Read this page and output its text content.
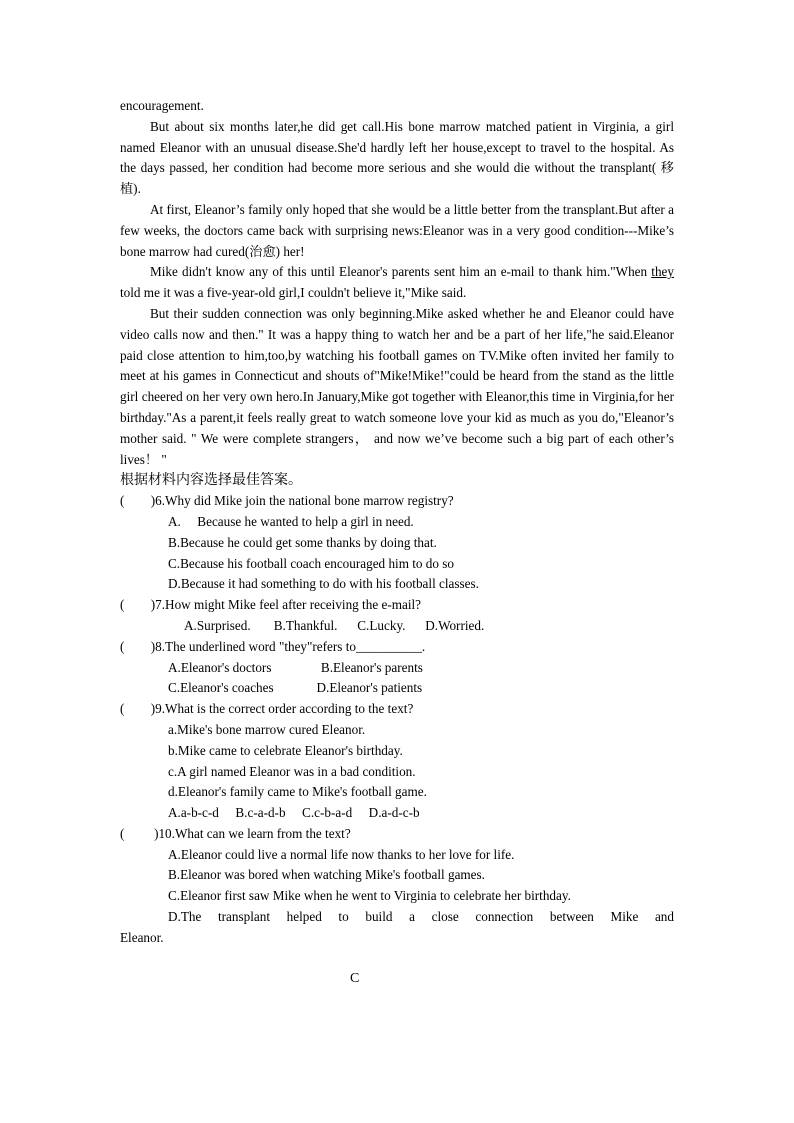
encouragement.

But about six months later,he did get call.His bone marrow matched patient in Virginia, a girl named Eleanor with an unusual disease.She'd hardly left her house,except to travel to the hospital. As the days passed, her condition had become more serious and she would die without the transplant( 移植).

At first, Eleanor’s family only hoped that she would be a little better from the transplant.But after a few weeks, the doctors came back with surprising news:Eleanor was in a very good condition---Mike’s bone marrow had cured(治愈) her!

Mike didn't know any of this until Eleanor's parents sent him an e-mail to thank him."When they told me it was a five-year-old girl,I couldn't believe it,"Mike said.

But their sudden connection was only beginning.Mike asked whether he and Eleanor could have video calls now and then." It was a happy thing to watch her and be a part of her life,"he said.Eleanor paid close attention to him,too,by watching his football games on TV.Mike often invited her family to meet at his games in Connecticut and shouts of"Mike!Mike!"could be heard from the stand as the little girl cheered on her very own hero.In January,Mike got together with Eleanor,this time in Virginia,for her birthday."As a parent,it feels really great to watch someone love your kid as much as you do,"Eleanor’s mother said. " We were complete strangers， and now we’ve become such a big part of each other’s lives！ "

根据材料内容选择最佳答案。

(        )6.Why did Mike join the national bone marrow registry?

A.     Because he wanted to help a girl in need.

B.Because he could get some thanks by doing that.

C.Because his football coach encouraged him to do so

D.Because it had something to do with his football classes.

(        )7.How might Mike feel after receiving the e-mail?

A.Surprised.       B.Thankful.      C.Lucky.      D.Worried.

(        )8.The underlined word "they"refers to__________.

A.Eleanor's doctors               B.Eleanor's parents

C.Eleanor's coaches             D.Eleanor's patients

(        )9.What is the correct order according to the text?

a.Mike's bone marrow cured Eleanor.

b.Mike came to celebrate Eleanor's birthday.

c.A girl named Eleanor was in a bad condition.

d.Eleanor's family came to Mike's football game.

A.a-b-c-d     B.c-a-d-b     C.c-b-a-d     D.a-d-c-b

(         )10.What can we learn from the text?

A.Eleanor could live a normal life now thanks to her love for life.

B.Eleanor was bored when watching Mike's football games.

C.Eleanor first saw Mike when he went to Virginia to celebrate her birthday.

D.The transplant helped to build a close connection between Mike and

Eleanor.

C
